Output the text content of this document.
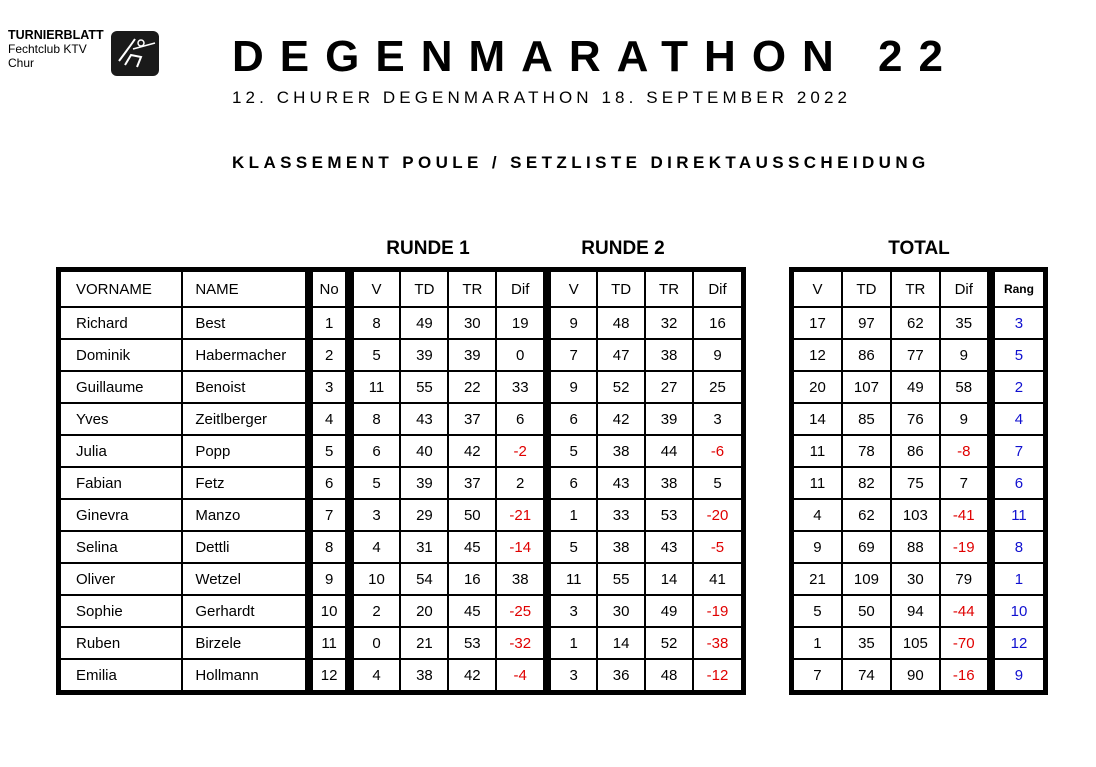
TURNIERBLATT
Fechtclub KTV
Chur	DEGENMARATHON 22
12. CHURER DEGENMARATHON 18. SEPTEMBER 2022
KLASSEMENT POULE / SETZLISTE DIREKTAUSSCHEIDUNG
RUNDE 1	RUNDE 2	TOTAL
VORNAME	NAME		No		V	TD	TR	Dif		V	TD	TR	Dif
Richard	Best		1		8	49	30	19		9	48	32	16
Dominik	Habermacher		2		5	39	39	0		7	47	38	9
Guillaume	Benoist		3		11	55	22	33		9	52	27	25
Yves	Zeitlberger		4		8	43	37	6		6	42	39	3
Julia	Popp		5		6	40	42	-2		5	38	44	-6
Fabian	Fetz		6		5	39	37	2		6	43	38	5
Ginevra	Manzo		7		3	29	50	-21		1	33	53	-20
Selina	Dettli		8		4	31	45	-14		5	38	43	-5
Oliver	Wetzel		9		10	54	16	38		11	55	14	41
Sophie	Gerhardt		10		2	20	45	-25		3	30	49	-19
Ruben	Birzele		11		0	21	53	-32		1	14	52	-38
Emilia	Hollmann		12		4	38	42	-4		3	36	48	-12
V	TD	TR	Dif		Rang
17	97	62	35		3
12	86	77	9		5
20	107	49	58		2
14	85	76	9		4
11	78	86	-8		7
11	82	75	7		6
4	62	103	-41		11
9	69	88	-19		8
21	109	30	79		1
5	50	94	-44		10
1	35	105	-70		12
7	74	90	-16		9
